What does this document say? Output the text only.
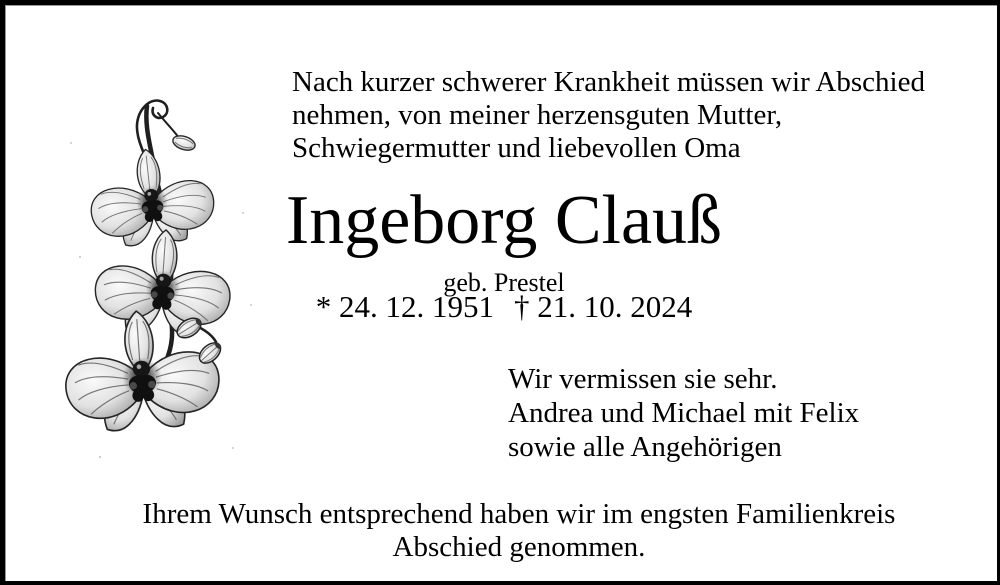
Nach kurzer schwerer Krankheit müssen wir Abschied
nehmen, von meiner herzensguten Mutter,
Schwiegermutter und liebevollen Oma
Ingeborg Clauß
geb. Prestel
* 24. 12. 1951 † 21. 10. 2024
Wir vermissen sie sehr.
Andrea und Michael mit Felix
sowie alle Angehörigen
Ihrem Wunsch entsprechend haben wir im engsten Familienkreis
Abschied genommen.
